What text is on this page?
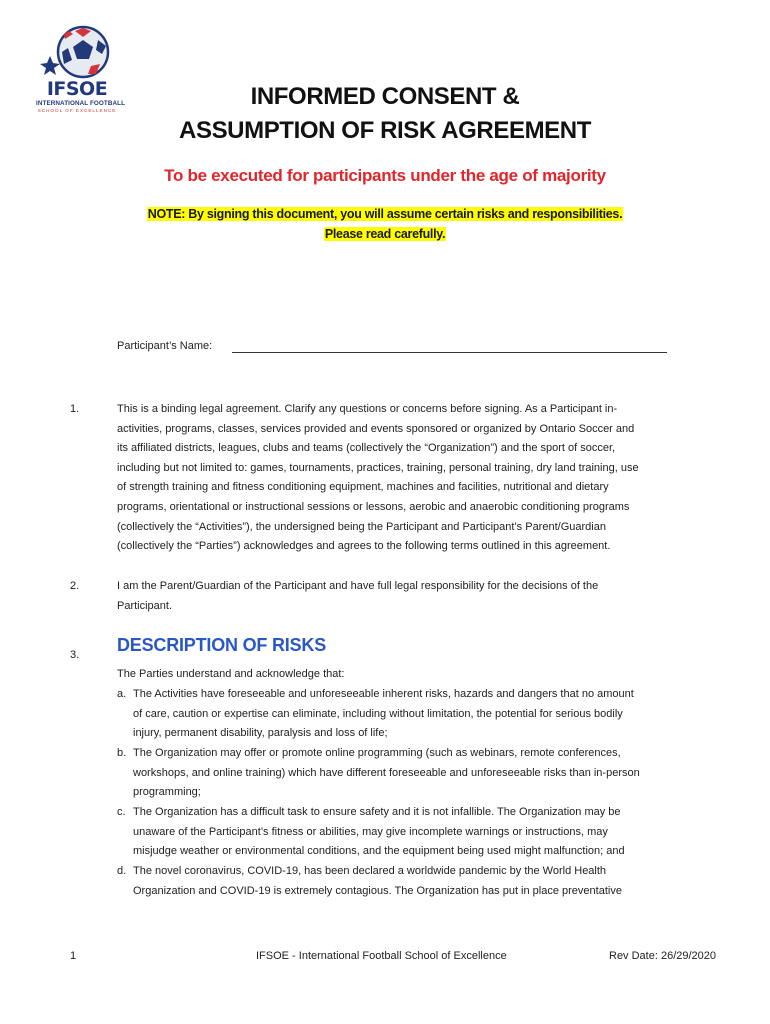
IFSOE
INTERNATIONAL FOOTBALL
SCHOOL OF EXCELLENCE
INFORMED CONSENT &
ASSUMPTION OF RISK AGREEMENT
To be executed for participants under the age of majority
NOTE: By signing this document, you will assume certain risks and responsibilities.
Please read carefully.
Participant’s Name:
1.	This is a binding legal agreement. Clarify any questions or concerns before signing. As a Participant in-
activities, programs, classes, services provided and events sponsored or organized by Ontario Soccer and
its affiliated districts, leagues, clubs and teams (collectively the “Organization”) and the sport of soccer,
including but not limited to: games, tournaments, practices, training, personal training, dry land training, use
of strength training and fitness conditioning equipment, machines and facilities, nutritional and dietary
programs, orientational or instructional sessions or lessons, aerobic and anaerobic conditioning programs
(collectively the “Activities”), the undersigned being the Participant and Participant’s Parent/Guardian
(collectively the “Parties”) acknowledges and agrees to the following terms outlined in this agreement.
2.	I am the Parent/Guardian of the Participant and have full legal responsibility for the decisions of the
Participant.
3. DESCRIPTION OF RISKS
The Parties understand and acknowledge that:
a. The Activities have foreseeable and unforeseeable inherent risks, hazards and dangers that no amount
of care, caution or expertise can eliminate, including without limitation, the potential for serious bodily
injury, permanent disability, paralysis and loss of life;
b. The Organization may offer or promote online programming (such as webinars, remote conferences,
workshops, and online training) which have different foreseeable and unforeseeable risks than in-person
programming;
c. The Organization has a difficult task to ensure safety and it is not infallible. The Organization may be
unaware of the Participant’s fitness or abilities, may give incomplete warnings or instructions, may
misjudge weather or environmental conditions, and the equipment being used might malfunction; and
d. The novel coronavirus, COVID-19, has been declared a worldwide pandemic by the World Health
Organization and COVID-19 is extremely contagious. The Organization has put in place preventative
1	IFSOE - International Football School of Excellence	Rev Date: 26/29/2020
